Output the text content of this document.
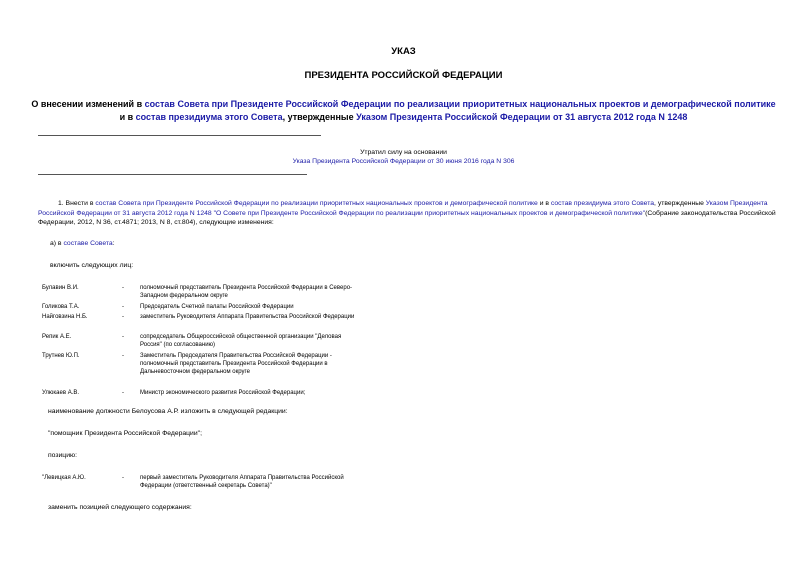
УКАЗ
ПРЕЗИДЕНТА РОССИЙСКОЙ ФЕДЕРАЦИИ
О внесении изменений в состав Совета при Президенте Российской Федерации по реализации приоритетных национальных проектов и демографической политике и в состав президиума этого Совета, утвержденные Указом Президента Российской Федерации от 31 августа 2012 года N 1248
Утратил силу на основании
Указа Президента Российской Федерации от 30 июня 2016 года N 306
1. Внести в состав Совета при Президенте Российской Федерации по реализации приоритетных национальных проектов и демографической политике и в состав президиума этого Совета, утвержденные Указом Президента Российской Федерации от 31 августа 2012 года N 1248 "О Совете при Президенте Российской Федерации по реализации приоритетных национальных проектов и демографической политике"(Собрание законодательства Российской Федерации, 2012, N 36, ст.4871; 2013, N 8, ст.804), следующие изменения:
а) в составе Совета:
включить следующих лиц:
Булавин В.И.	-	полномочный представитель Президента Российской Федерации в Северо-Западном федеральном округе
Голикова Т.А.	-	Председатель Счетной палаты Российской Федерации
Найговзина Н.Б.	-	заместитель Руководителя Аппарата Правительства Российской Федерации
Репик А.Е.	-	сопредседатель Общероссийской общественной организации "Деловая Россия" (по согласованию)
Трутнев Ю.П.	-	Заместитель Председателя Правительства Российской Федерации - полномочный представитель Президента Российской Федерации в Дальневосточном федеральном округе
Улюкаев А.В.	-	Министр экономического развития Российской Федерации;
наименование должности Белоусова А.Р. изложить в следующей редакции:
"помощник Президента Российской Федерации";
позицию:
"Левицкая А.Ю.	-	первый заместитель Руководителя Аппарата Правительства Российской Федерации (ответственный секретарь Совета)"
заменить позицией следующего содержания:
